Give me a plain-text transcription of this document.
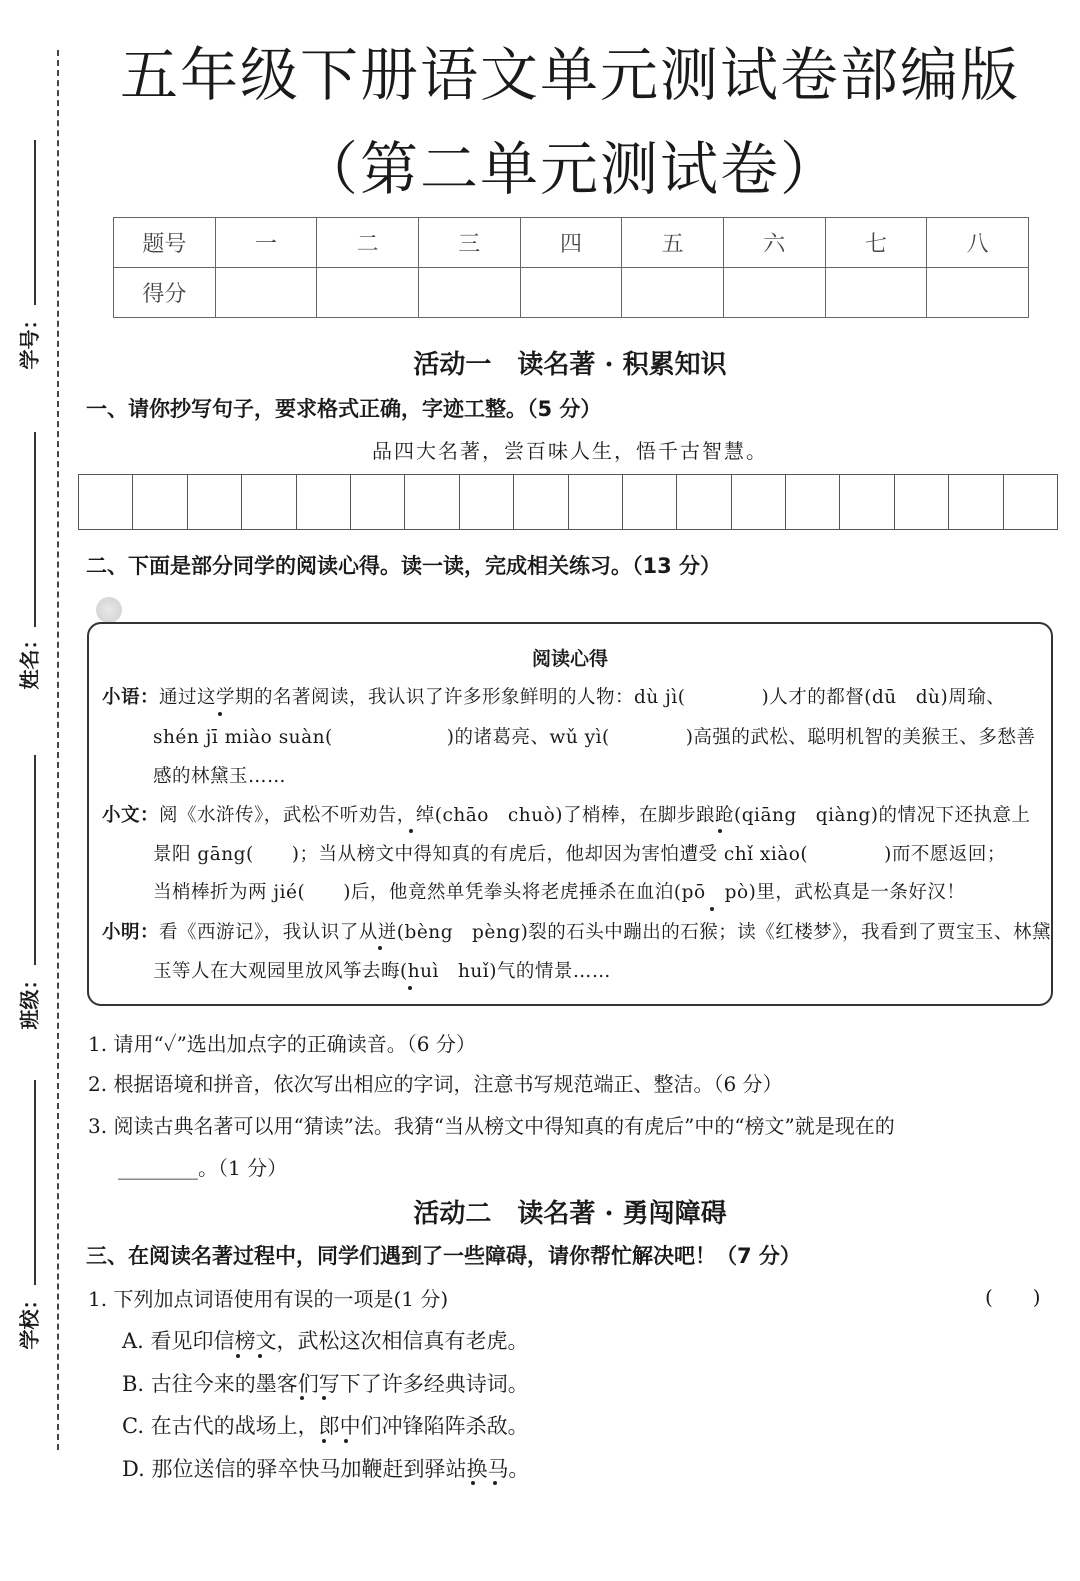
学号：
姓名：
班级：
学校：
五年级下册语文单元测试卷部编版
（第二单元测试卷）
题号	一	二	三	四	五	六	七	八
得分								
活动一　读名著 · 积累知识
一、请你抄写句子，要求格式正确，字迹工整。（5 分）
品四大名著，尝百味人生，悟千古智慧。
二、下面是部分同学的阅读心得。读一读，完成相关练习。（13 分）
阅读心得
小语：通过这学期的名著阅读，我认识了许多形象鲜明的人物：dù jì(　　　　)人才的都督(dū　dù)周瑜、
shén jī miào suàn(　　　　　　)的诸葛亮、wǔ yì(　　　　)高强的武松、聪明机智的美猴王、多愁善
感的林黛玉……
小文：阅《水浒传》，武松不听劝告，绰(chāo　chuò)了梢棒，在脚步踉跄(qiāng　qiàng)的情况下还执意上
景阳 gāng(　　)；当从榜文中得知真的有虎后，他却因为害怕遭受 chǐ xiào(　　　　)而不愿返回；
当梢棒折为两 jié(　　)后，他竟然单凭拳头将老虎捶杀在血泊(pō　pò)里，武松真是一条好汉！
小明：看《西游记》，我认识了从迸(bèng　pèng)裂的石头中蹦出的石猴；读《红楼梦》，我看到了贾宝玉、林黛
玉等人在大观园里放风筝去晦(huì　huǐ)气的情景……
1. 请用“✓”选出加点字的正确读音。（6 分）
2. 根据语境和拼音，依次写出相应的字词，注意书写规范端正、整洁。（6 分）
3. 阅读古典名著可以用“猜读”法。我猜“当从榜文中得知真的有虎后”中的“榜文”就是现在的
________。（1 分）
活动二　读名著 · 勇闯障碍
三、在阅读名著过程中，同学们遇到了一些障碍，请你帮忙解决吧！（7 分）
1. 下列加点词语使用有误的一项是(1 分)	(　　)
A. 看见印信榜文，武松这次相信真有老虎。
B. 古往今来的墨客们写下了许多经典诗词。
C. 在古代的战场上，郎中们冲锋陷阵杀敌。
D. 那位送信的驿卒快马加鞭赶到驿站换马。
